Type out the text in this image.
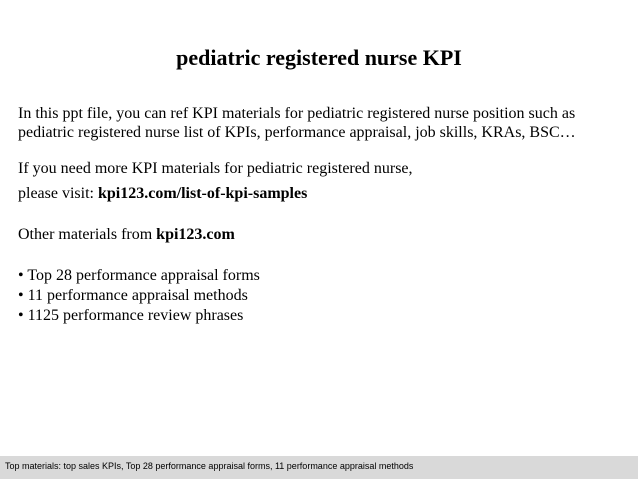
pediatric registered nurse KPI

In this ppt file, you can ref KPI materials for pediatric registered nurse position such as pediatric registered nurse list of KPIs, performance appraisal, job skills, KRAs, BSC…

If you need more KPI materials for pediatric registered nurse,

please visit: kpi123.com/list-of-kpi-samples

Other materials from kpi123.com

• Top 28 performance appraisal forms
• 11 performance appraisal methods
• 1125 performance review phrases
Top materials: top sales KPIs, Top 28 performance appraisal forms, 11 performance appraisal methods
